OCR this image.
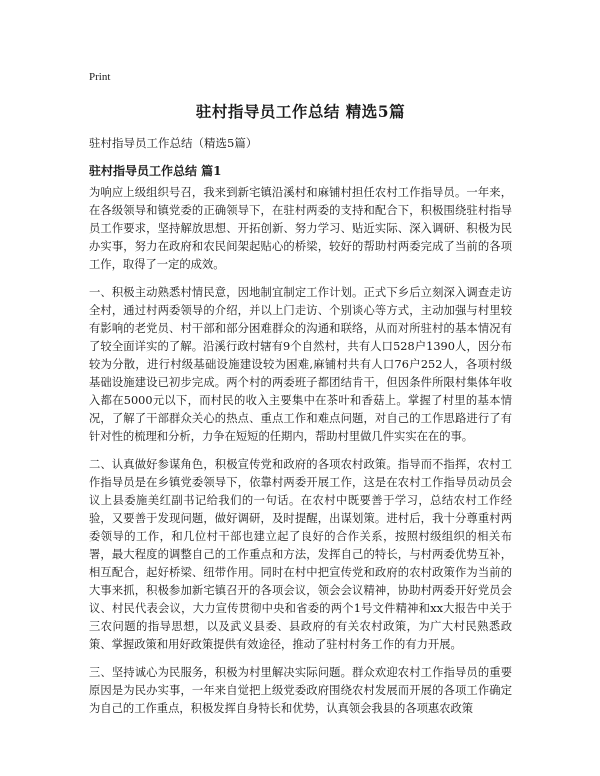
Print
驻村指导员工作总结 精选5篇

驻村指导员工作总结（精选5篇）

驻村指导员工作总结 篇1

为响应上级组织号召，我来到新宅镇沿溪村和麻铺村担任农村工作指导员。一年来，在各级领导和镇党委的正确领导下，在驻村两委的支持和配合下，积极围绕驻村指导员工作要求，坚持解放思想、开拓创新、努力学习、贴近实际、深入调研、积极为民办实事，努力在政府和农民间架起贴心的桥梁，较好的帮助村两委完成了当前的各项工作，取得了一定的成效。

一、积极主动熟悉村情民意，因地制宜制定工作计划。正式下乡后立刻深入调查走访全村，通过村两委领导的介绍，并以上门走访、个别谈心等方式，主动加强与村里较有影响的老党员、村干部和部分困难群众的沟通和联络，从而对所驻村的基本情况有了较全面详实的了解。沿溪行政村辖有9个自然村，共有人口528户1390人，因分布较为分散，进行村级基础设施建设较为困难,麻铺村共有人口76户252人，各项村级基础设施建设已初步完成。两个村的两委班子都团结肯干，但因条件所限村集体年收入都在5000元以下，而村民的收入主要集中在茶叶和香菇上。掌握了村里的基本情况，了解了干部群众关心的热点、重点工作和难点问题，对自己的工作思路进行了有针对性的梳理和分析，力争在短短的任期内，帮助村里做几件实实在在的事。

二、认真做好参谋角色，积极宣传党和政府的各项农村政策。指导而不指挥，农村工作指导员是在乡镇党委领导下，依靠村两委开展工作，这是在农村工作指导员动员会议上县委施美红副书记给我们的一句话。在农村中既要善于学习，总结农村工作经验，又要善于发现问题，做好调研，及时提醒，出谋划策。进村后，我十分尊重村两委领导的工作，和几位村干部也建立起了良好的合作关系，按照村级组织的相关布署，最大程度的调整自己的工作重点和方法，发挥自己的特长，与村两委优势互补，相互配合，起好桥梁、纽带作用。同时在村中把宣传党和政府的农村政策作为当前的大事来抓，积极参加新宅镇召开的各项会议，领会会议精神，协助村两委开好党员会议、村民代表会议，大力宣传贯彻中央和省委的两个1号文件精神和xx大报告中关于三农问题的指导思想，以及武义县委、县政府的有关农村政策，为广大村民熟悉政策、掌握政策和用好政策提供有效途径，推动了驻村村务工作的有力开展。

三、坚持诚心为民服务，积极为村里解决实际问题。群众欢迎农村工作指导员的重要原因是为民办实事，一年来自觉把上级党委政府围绕农村发展而开展的各项工作确定为自己的工作重点，积极发挥自身特长和优势，认真领会我县的各项惠农政策
